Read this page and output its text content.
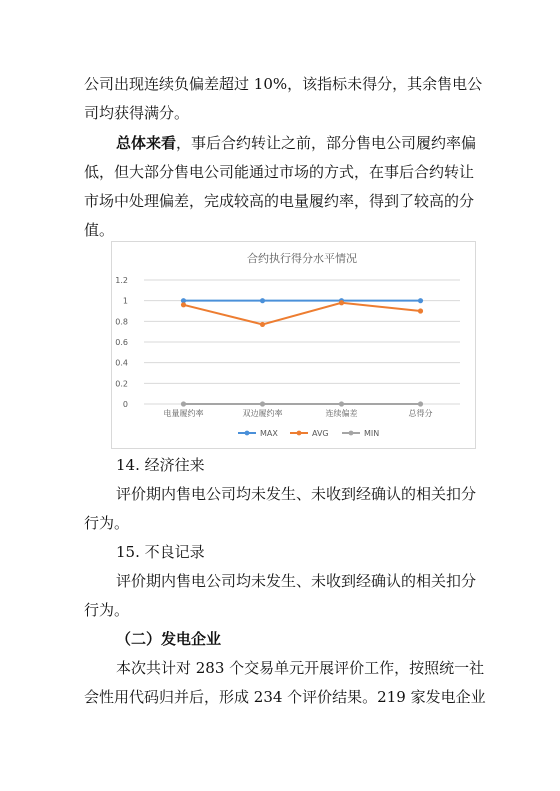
公司出现连续负偏差超过 10%，该指标未得分，其余售电公
司均获得满分。
总体来看，事后合约转让之前，部分售电公司履约率偏
低，但大部分售电公司能通过市场的方式，在事后合约转让
市场中处理偏差，完成较高的电量履约率，得到了较高的分
值。
合约执行得分水平情况
0
0.2
0.4
0.6
0.8
1
1.2
电量履约率	双边履约率	连续偏差	总得分
MAX	AVG	MIN
14. 经济往来
评价期内售电公司均未发生、未收到经确认的相关扣分
行为。
15. 不良记录
评价期内售电公司均未发生、未收到经确认的相关扣分
行为。
（二）发电企业
本次共计对 283 个交易单元开展评价工作，按照统一社
会性用代码归并后，形成 234 个评价结果。219 家发电企业
